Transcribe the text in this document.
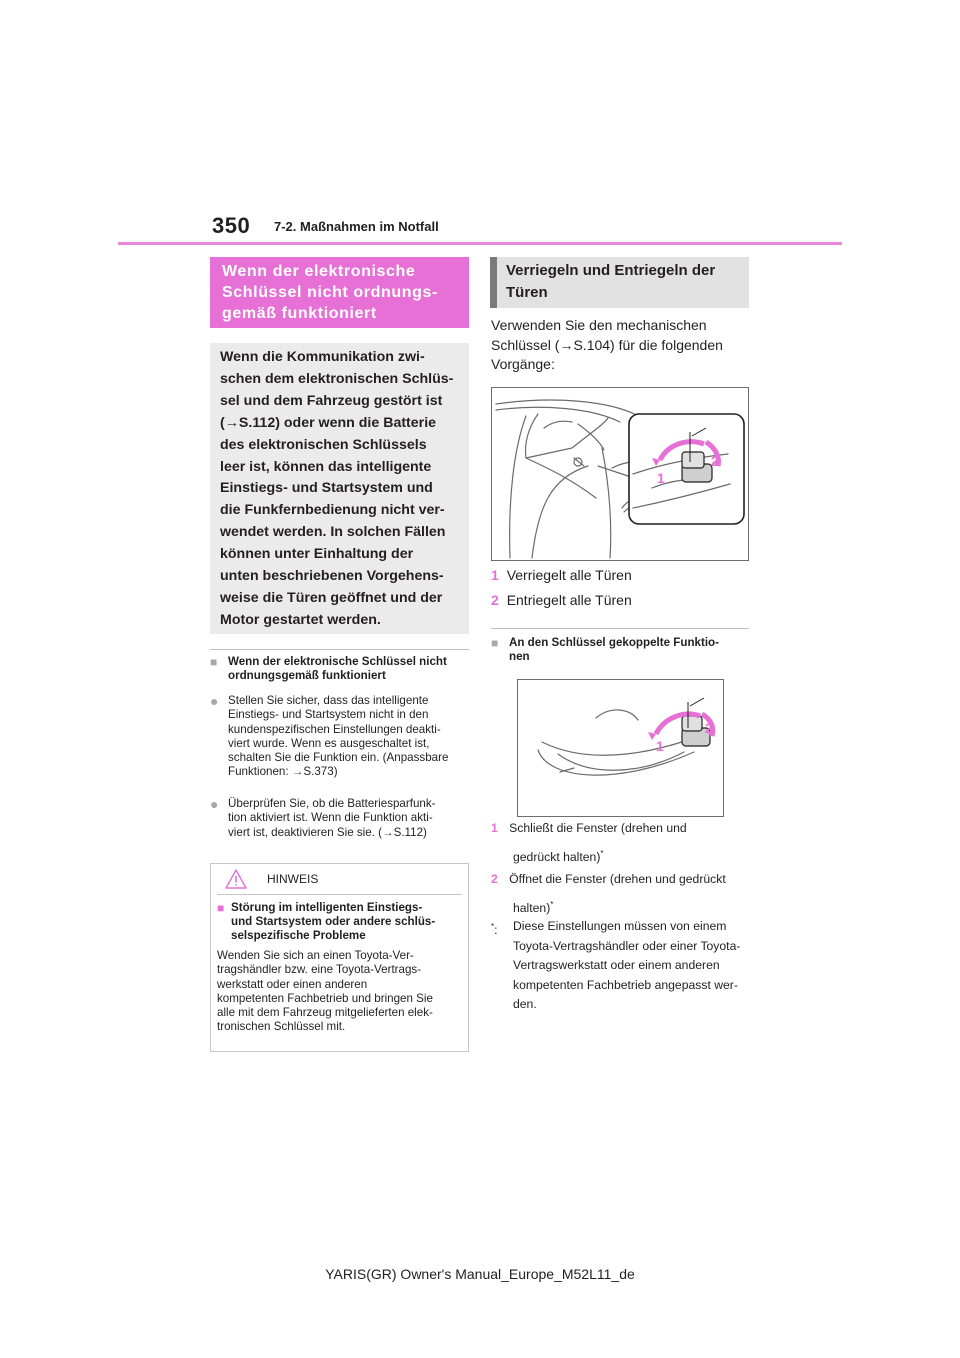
350 7-2. Maßnahmen im Notfall
Wenn der elektronische
Schlüssel nicht ordnungs-
gemäß funktioniert
Wenn die Kommunikation zwi-
schen dem elektronischen Schlüs-
sel und dem Fahrzeug gestört ist
(→S.112) oder wenn die Batterie
des elektronischen Schlüssels
leer ist, können das intelligente
Einstiegs- und Startsystem und
die Funkfernbedienung nicht ver-
wendet werden. In solchen Fällen
können unter Einhaltung der
unten beschriebenen Vorgehens-
weise die Türen geöffnet und der
Motor gestartet werden.
■ Wenn der elektronische Schlüssel nicht
ordnungsgemäß funktioniert
● Stellen Sie sicher, dass das intelligente
Einstiegs- und Startsystem nicht in den
kundenspezifischen Einstellungen deakti-
viert wurde. Wenn es ausgeschaltet ist,
schalten Sie die Funktion ein. (Anpassbare
Funktionen: →S.373)
● Überprüfen Sie, ob die Batteriesparfunk-
tion aktiviert ist. Wenn die Funktion akti-
viert ist, deaktivieren Sie sie. (→S.112)
HINWEIS
■ Störung im intelligenten Einstiegs-
und Startsystem oder andere schlüs-
selspezifische Probleme
Wenden Sie sich an einen Toyota-Ver-
tragshändler bzw. eine Toyota-Vertrags-
werkstatt oder einen anderen
kompetenten Fachbetrieb und bringen Sie
alle mit dem Fahrzeug mitgelieferten elek-
tronischen Schlüssel mit.
Verriegeln und Entriegeln der
Türen
Verwenden Sie den mechanischen
Schlüssel (→S.104) für die folgenden
Vorgänge:
1
2
1 Verriegelt alle Türen
2 Entriegelt alle Türen
■ An den Schlüssel gekoppelte Funktio-
nen
1
2
1 Schließt die Fenster (drehen und
gedrückt halten)*
2 Öffnet die Fenster (drehen und gedrückt
halten)*
*:	Diese Einstellungen müssen von einem
Toyota-Vertragshändler oder einer Toyota-
Vertragswerkstatt oder einem anderen
kompetenten Fachbetrieb angepasst wer-
den.
YARIS(GR) Owner's Manual_Europe_M52L11_de
